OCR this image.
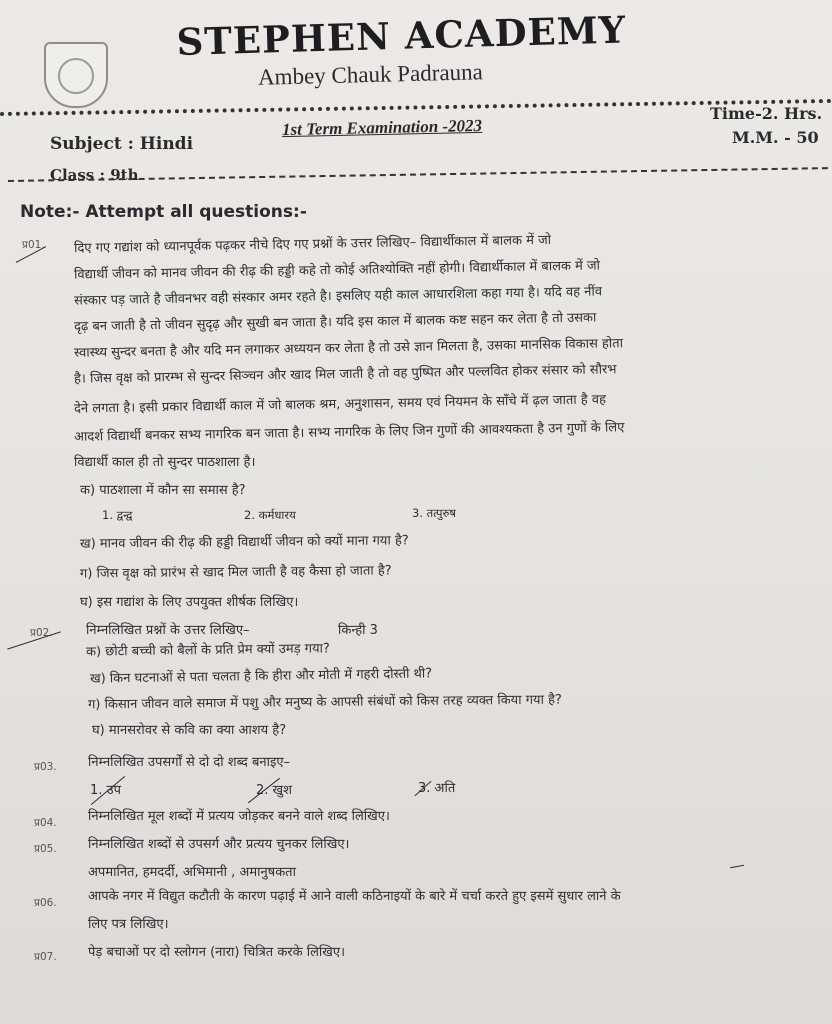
STEPHEN ACADEMY
Ambey Chauk Padrauna
Subject : Hindi
1st Term Examination -2023
Time-2. Hrs.
M.M. - 50
Class : 9th
Note:- Attempt all questions:-
प्र01. दिए गए गद्यांश को ध्यानपूर्वक पढ़कर नीचे दिए गए प्रश्नों के उत्तर लिखिए– विद्यार्थीकाल में बालक में जो
विद्यार्थी जीवन को मानव जीवन की रीढ़ की हड्डी कहे तो कोई अतिश्योक्ति नहीं होगी। विद्यार्थीकाल में बालक में जो
संस्कार पड़ जाते है जीवनभर वही संस्कार अमर रहते है। इसलिए यही काल आधारशिला कहा गया है। यदि वह नींव
दृढ़ बन जाती है तो जीवन सुदृढ़ और सुखी बन जाता है। यदि इस काल में बालक कष्ट सहन कर लेता है तो उसका
स्वास्थ्य सुन्दर बनता है और यदि मन लगाकर अध्ययन कर लेता है तो उसे ज्ञान मिलता है, उसका मानसिक विकास होता
है। जिस वृक्ष को प्रारम्भ से सुन्दर सिञ्चन और खाद मिल जाती है तो वह पुष्पित और पल्लवित होकर संसार को सौरभ
देने लगता है। इसी प्रकार विद्यार्थी काल में जो बालक श्रम, अनुशासन, समय एवं नियमन के साँचे में ढ़ल जाता है वह
आदर्श विद्यार्थी बनकर सभ्य नागरिक बन जाता है। सभ्य नागरिक के लिए जिन गुणों की आवश्यकता है उन गुणों के लिए
विद्यार्थी काल ही तो सुन्दर पाठशाला है।
क) पाठशाला में कौन सा समास है?
1. द्वन्द्व	2. कर्मधारय	3. तत्पुरुष
ख) मानव जीवन की रीढ़ की हड्डी विद्यार्थी जीवन को क्यों माना गया है?
ग) जिस वृक्ष को प्रारंभ से खाद मिल जाती है वह कैसा हो जाता है?
घ) इस गद्यांश के लिए उपयुक्त शीर्षक लिखिए।
प्र02.	निम्नलिखित प्रश्नों के उत्तर लिखिए–	किन्ही 3
क) छोटी बच्ची को बैलों के प्रति प्रेम क्यों उमड़ गया?
ख) किन घटनाओं से पता चलता है कि हीरा और मोती में गहरी दोस्ती थी?
ग) किसान जीवन वाले समाज में पशु और मनुष्य के आपसी संबंधों को किस तरह व्यक्त किया गया है?
घ) मानसरोवर से कवि का क्या आशय है?
प्र03. निम्नलिखित उपसर्गों से दो दो शब्द बनाइए–
1. उप	2. खुश	3. अति
प्र04. निम्नलिखित मूल शब्दों में प्रत्यय जोड़कर बनने वाले शब्द लिखिए।
प्र05. निम्नलिखित शब्दों से उपसर्ग और प्रत्यय चुनकर लिखिए।
अपमानित, हमदर्दी, अभिमानी , अमानुषकता
प्र06. आपके नगर में विद्युत कटौती के कारण पढ़ाई में आने वाली कठिनाइयों के बारे में चर्चा करते हुए इसमें सुधार लाने के
लिए पत्र लिखिए।
प्र07. पेड़ बचाओं पर दो स्लोगन (नारा) चित्रित करके लिखिए।
